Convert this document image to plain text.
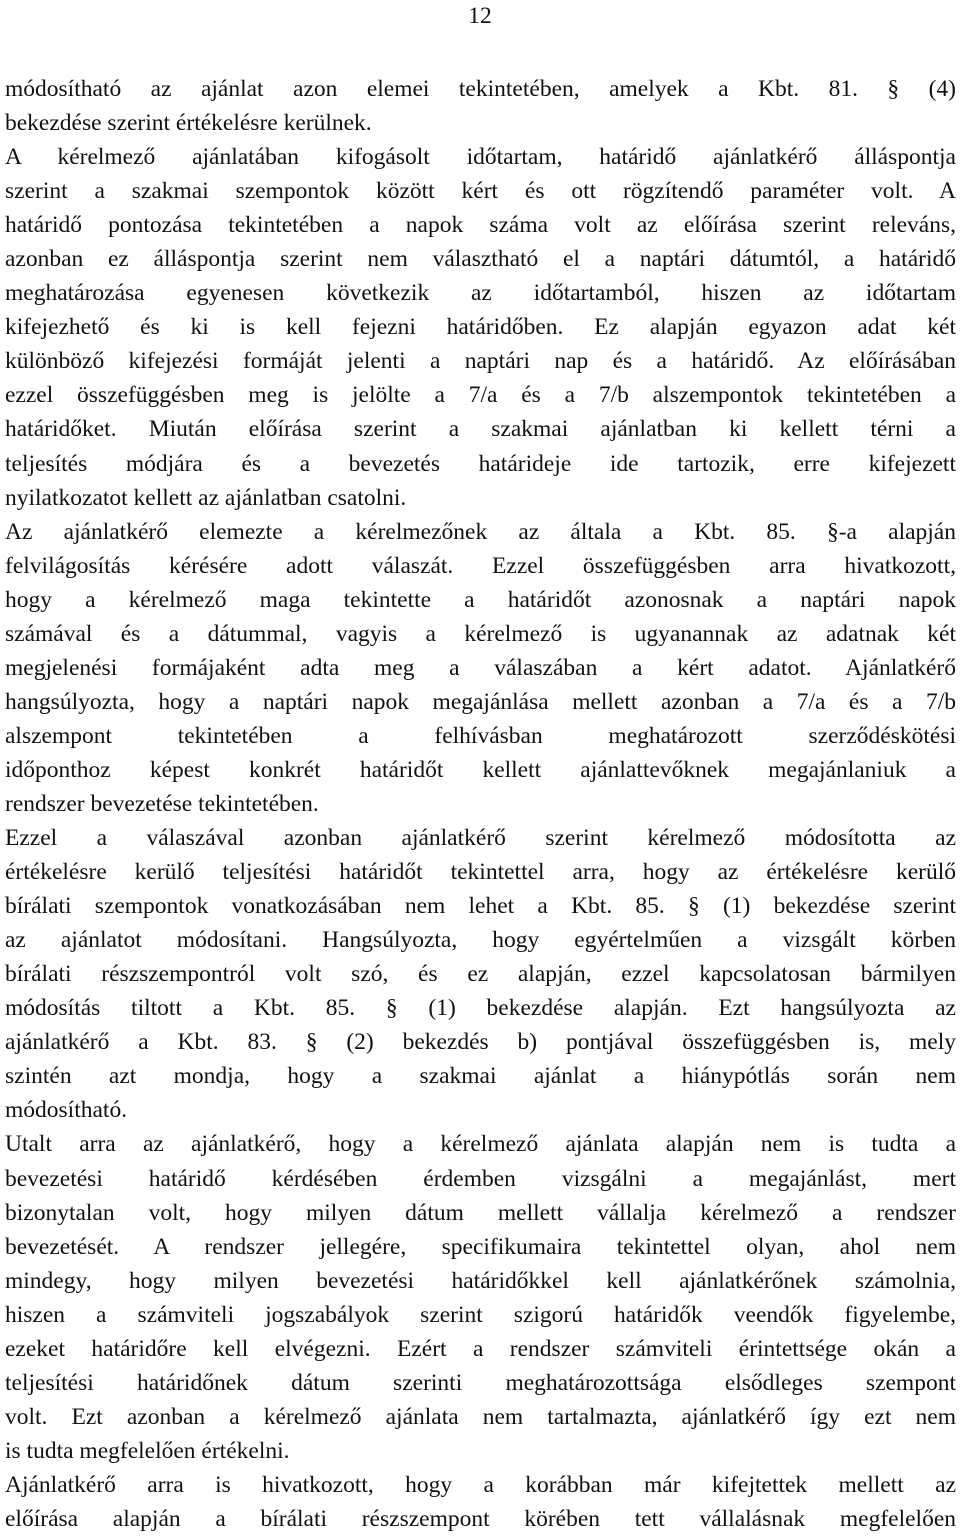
12
módosítható az ajánlat azon elemei tekintetében, amelyek a Kbt. 81. § (4)
bekezdése szerint értékelésre kerülnek.
A kérelmező ajánlatában kifogásolt időtartam, határidő ajánlatkérő álláspontja
szerint a szakmai szempontok között kért és ott rögzítendő paraméter volt. A
határidő pontozása tekintetében a napok száma volt az előírása szerint releváns,
azonban ez álláspontja szerint nem választható el a naptári dátumtól, a határidő
meghatározása egyenesen következik az időtartamból, hiszen az időtartam
kifejezhető és ki is kell fejezni határidőben. Ez alapján egyazon adat két
különböző kifejezési formáját jelenti a naptári nap és a határidő. Az előírásában
ezzel összefüggésben meg is jelölte a 7/a és a 7/b alszempontok tekintetében a
határidőket. Miután előírása szerint a szakmai ajánlatban ki kellett térni a
teljesítés módjára és a bevezetés határideje ide tartozik, erre kifejezett
nyilatkozatot kellett az ajánlatban csatolni.
Az ajánlatkérő elemezte a kérelmezőnek az általa a Kbt. 85. §-a alapján
felvilágosítás kérésére adott válaszát. Ezzel összefüggésben arra hivatkozott,
hogy a kérelmező maga tekintette a határidőt azonosnak a naptári napok
számával és a dátummal, vagyis a kérelmező is ugyanannak az adatnak két
megjelenési formájaként adta meg a válaszában a kért adatot. Ajánlatkérő
hangsúlyozta, hogy a naptári napok megajánlása mellett azonban a 7/a és a 7/b
alszempont tekintetében a felhívásban meghatározott szerződéskötési
időponthoz képest konkrét határidőt kellett ajánlattevőknek megajánlaniuk a
rendszer bevezetése tekintetében.
Ezzel a válaszával azonban ajánlatkérő szerint kérelmező módosította az
értékelésre kerülő teljesítési határidőt tekintettel arra, hogy az értékelésre kerülő
bírálati szempontok vonatkozásában nem lehet a Kbt. 85. § (1) bekezdése szerint
az ajánlatot módosítani. Hangsúlyozta, hogy egyértelműen a vizsgált körben
bírálati részszempontról volt szó, és ez alapján, ezzel kapcsolatosan bármilyen
módosítás tiltott a Kbt. 85. § (1) bekezdése alapján. Ezt hangsúlyozta az
ajánlatkérő a Kbt. 83. § (2) bekezdés b) pontjával összefüggésben is, mely
szintén azt mondja, hogy a szakmai ajánlat a hiánypótlás során nem
módosítható.
Utalt arra az ajánlatkérő, hogy a kérelmező ajánlata alapján nem is tudta a
bevezetési határidő kérdésében érdemben vizsgálni a megajánlást, mert
bizonytalan volt, hogy milyen dátum mellett vállalja kérelmező a rendszer
bevezetését. A rendszer jellegére, specifikumaira tekintettel olyan, ahol nem
mindegy, hogy milyen bevezetési határidőkkel kell ajánlatkérőnek számolnia,
hiszen a számviteli jogszabályok szerint szigorú határidők veendők figyelembe,
ezeket határidőre kell elvégezni. Ezért a rendszer számviteli érintettsége okán a
teljesítési határidőnek dátum szerinti meghatározottsága elsődleges szempont
volt. Ezt azonban a kérelmező ajánlata nem tartalmazta, ajánlatkérő így ezt nem
is tudta megfelelően értékelni.
Ajánlatkérő arra is hivatkozott, hogy a korábban már kifejtettek mellett az
előírása alapján a bírálati részszempont körében tett vállalásnak megfelelően
